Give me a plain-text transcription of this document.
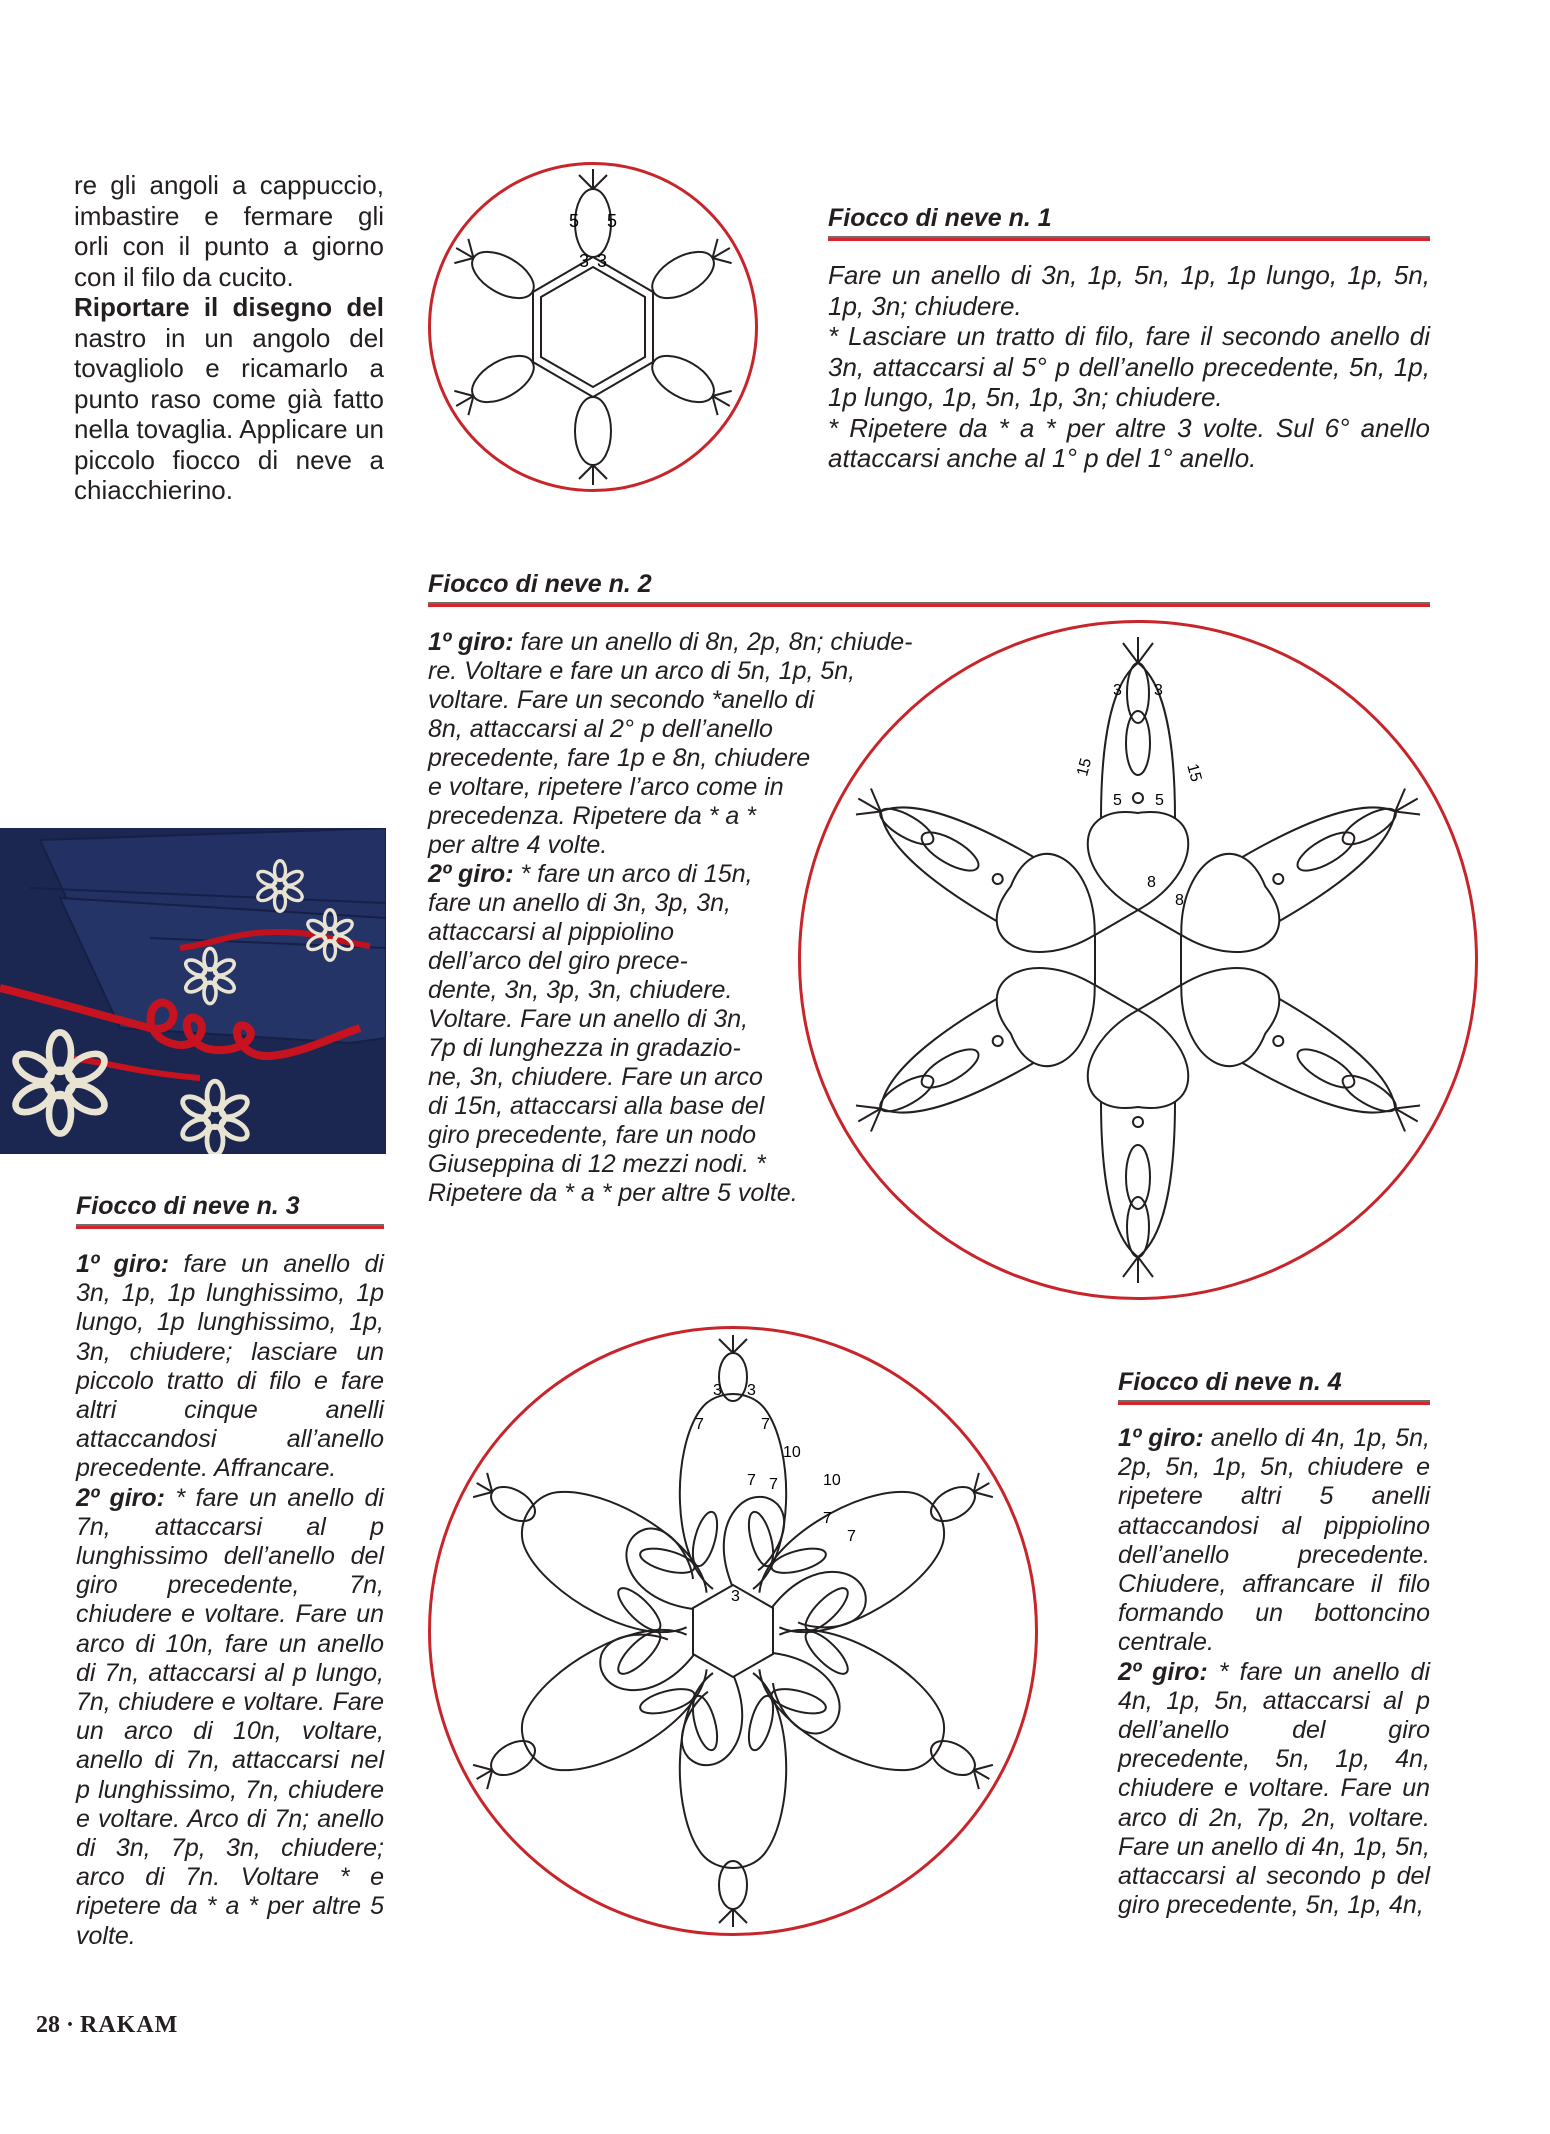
re gli angoli a cappuccio,
imbastire e fermare gli
orli con il punto a giorno
con il filo da cucito.
Riportare il disegno del
nastro in un angolo del tovagliolo e ricamarlo a punto raso come già fatto nella tovaglia. Applicare un piccolo fiocco di neve a chiacchierino.
5 5
3 3
Fiocco di neve n. 1

Fare un anello di 3n, 1p, 5n, 1p, 1p lungo, 1p, 5n, 1p, 3n; chiudere.

* Lasciare un tratto di filo, fare il secondo anello di 3n, attaccarsi al 5° p dell’anello precedente, 5n, 1p, 1p lungo, 1p, 5n, 1p, 3n; chiudere.

* Ripetere da * a * per altre 3 volte. Sul 6° anello attaccarsi anche al 1° p del 1° anello.

Fiocco di neve n. 2
3 3
15	15
5 5
8
8
1º giro: fare un anello di 8n, 2p, 8n; chiude-
re. Voltare e fare un arco di 5n, 1p, 5n,
voltare. Fare un secondo *anello di
8n, attaccarsi al 2° p dell’anello
precedente, fare 1p e 8n, chiudere
e voltare, ripetere l’arco come in
precedenza. Ripetere da * a *
per altre 4 volte.
2º giro: * fare un arco di 15n,
fare un anello di 3n, 3p, 3n,
attaccarsi al pippiolino
dell’arco del giro prece-
dente, 3n, 3p, 3n, chiudere.
Voltare. Fare un anello di 3n,
7p di lunghezza in gradazio-
ne, 3n, chiudere. Fare un arco
di 15n, attaccarsi alla base del
giro precedente, fare un nodo
Giuseppina di 12 mezzi nodi. *
Ripetere da * a * per altre 5 volte.
Fiocco di neve n. 3
1º giro: fare un anello di 3n, 1p, 1p lunghissimo, 1p lungo, 1p lunghissimo, 1p, 3n, chiudere; lasciare un piccolo tratto di filo e fare altri cinque anelli attaccandosi all’anello precedente. Affrancare.
2º giro: * fare un anello di 7n, attaccarsi al p lunghissimo dell’anello del giro precedente, 7n, chiudere e voltare. Fare un arco di 10n, fare un anello di 7n, attaccarsi al p lungo, 7n, chiudere e voltare. Fare un arco di 10n, voltare, anello di 7n, attaccarsi nel p lunghissimo, 7n, chiudere e voltare. Arco di 7n; anello di 3n, 7p, 3n, chiudere; arco di 7n. Voltare * e ripetere da * a * per altre 5 volte.
3 3
7	7
10
10
7 7
7
7
3
Fiocco di neve n. 4
1º giro: anello di 4n, 1p, 5n, 2p, 5n, 1p, 5n, chiudere e ripetere altri 5 anelli attaccandosi al pippiolino dell’anello precedente. Chiudere, affrancare il filo formando un bottoncino centrale.
2º giro: * fare un anello di 4n, 1p, 5n, attaccarsi al p dell’anello del giro precedente, 5n, 1p, 4n, chiudere e voltare. Fare un arco di 2n, 7p, 2n, voltare. Fare un anello di 4n, 1p, 5n, attaccarsi al secondo p del giro precedente, 5n, 1p, 4n,
28 · RAKAM
